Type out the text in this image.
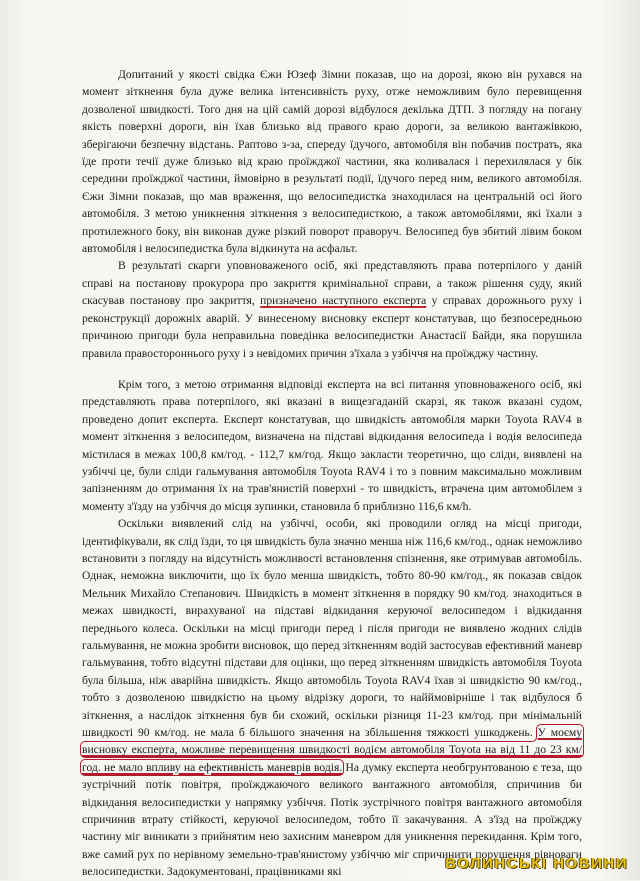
Допитаний у якості свідка Єжи Юзеф Зімни показав, що на дорозі, якою він рухався на момент зіткнення була дуже велика інтенсивність руху, отже неможливим було перевищення дозволеної швидкості. Того дня на цій самій дорозі відбулося декілька ДТП. З погляду на погану якість поверхні дороги, він їхав близько від правого краю дороги, за великою вантажівкою, зберігаючи безпечну відстань. Раптово з-за, спереду їдучого, автомобіля він побачив пострать, яка їде проти течії дуже близько від краю проїжджої частини, яка коливалася і перехилялася у бік середини проїжджої частини, ймовірно в результаті події, їдучого перед ним, великого автомобіля. Єжи Зімни показав, що мав враження, що велосипедистка знаходилася на центральній осі його автомобіля. З метою уникнення зіткнення з велосипедисткою, а також автомобілями, які їхали з протилежного боку, він виконав дуже різкий поворот праворуч. Велосипед був збитий лівим боком автомобіля і велосипедистка була відкинута на асфальт.

В результаті скарги уповноваженого осіб, які представляють права потерпілого у даній справі на постанову прокурора про закриття кримінальної справи, а також рішення суду, який скасував постанову про закриття, призначено наступного експерта у справах дорожнього руху і реконструкції дорожніх аварій. У винесеному висновку експерт констатував, що безпосередньою причиною пригоди була неправильна поведінка велосипедистки Анастасії Байди, яка порушила правила правостороннього руху і з невідомих причин з'їхала з узбіччя на проїжджу частину.

Крім того, з метою отримання відповіді експерта на всі питання уповноваженого осіб, які представляють права потерпілого, які вказані в вищезгаданій скарзі, як також вказані судом, проведено допит експерта. Експерт констатував, що швидкість автомобіля марки Toyota RAV4 в момент зіткнення з велосипедом, визначена на підставі відкидання велосипеда і водія велосипеда містилася в межах 100,8 км/год. - 112,7 км/год. Якщо закласти теоретично, що сліди, виявлені на узбіччі це, були сліди гальмування автомобіля Toyota RAV4 і то з повним максимально можливим запізненням до отримання їх на трав'янистій поверхні - то швидкість, втрачена цим автомобілем з моменту з'їзду на узбіччя до місця зупинки, становила б приблизно 116,6 км/h.

Оскільки виявлений слід на узбіччі, особи, які проводили огляд на місці пригоди, ідентифікували, як слід їзди, то ця швидкість була значно менша ніж 116,6 км/год., однак неможливо встановити з погляду на відсутність можливості встановлення спізнення, яке отримував автомобіль. Однак, неможна виключити, що їх було менша швидкість, тобто 80-90 км/год., як показав свідок Мельник Михайло Степанович. Швидкість в момент зіткнення в порядку 90 км/год. знаходиться в межах швидкості, вирахуваної на підставі відкидання керуючої велосипедом і відкидання переднього колеса. Оскільки на місці пригоди перед і після пригоди не виявлено жодних слідів гальмування, не можна зробити висновок, що перед зіткненням водій застосував ефективний маневр гальмування, тобто відсутні підстави для оцінки, що перед зіткненням швидкість автомобіля Toyota була більша, ніж аварійна швидкість. Якщо автомобіль Toyota RAV4 їхав зі швидкістю 90 км/год., тобто з дозволеною швидкістю на цьому відрізку дороги, то найймовірніше і так відбулося б зіткнення, а наслідок зіткнення був би схожий, оскільки різниця 11-23 км/год. при мінімальній швидкості 90 км/год. не мала б більшого значення на збільшення тяжкості ушкоджень. У моєму висновку експерта, можливе перевищення швидкості водієм автомобіля Toyota на від 11 до 23 км/год. не мало впливу на ефективність маневрів водія. На думку експерта необгрунтованою є теза, що зустрічний потік повітря, проїжджаючого великого вантажного автомобіля, спричинив би відкидання велосипедистки у напрямку узбіччя. Потік зустрічного повітря вантажного автомобіля спричинив втрату стійкості, керуючої велосипедом, тобто її закачування. А з'їзд на проїжджу частину міг виникати з прийнятим нею захисним маневром для уникнення перекидання. Крім того, вже самий рух по нерівному земельно-трав'янистому узбіччю міг спричинити порушення рівноваги велосипедистки. Задокументовані, працівниками які	ВОЛИНСЬКІ НОВИНИ
